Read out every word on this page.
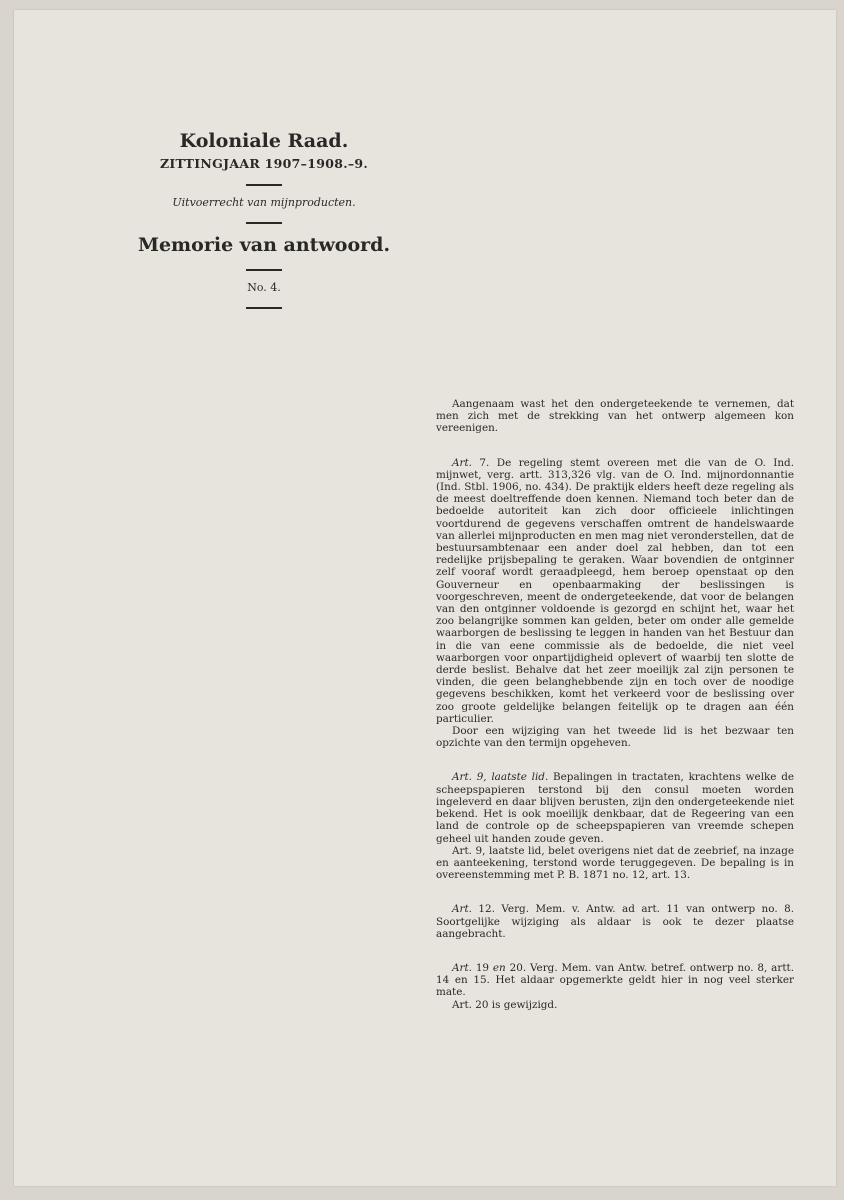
Koloniale Raad.

ZITTINGJAAR 1907–1908.–9.

Uitvoerrecht van mijnproducten.

Memorie van antwoord.

No. 4.

Aangenaam wast het den ondergeteekende te vernemen, dat men zich met de strekking van het ontwerp algemeen kon vereenigen.

Art. 7. De regeling stemt overeen met die van de O. Ind. mijnwet, verg. artt. 313,326 vlg. van de O. Ind. mijnordonnantie (Ind. Stbl. 1906, no. 434). De praktijk elders heeft deze regeling als de meest doeltreffende doen kennen. Niemand toch beter dan de bedoelde autoriteit kan zich door officieele inlichtingen voortdurend de gegevens verschaffen omtrent de handelswaarde van allerlei mijnproducten en men mag niet veronderstellen, dat de bestuursambtenaar een ander doel zal hebben, dan tot een redelijke prijsbepaling te geraken. Waar bovendien de ontginner zelf vooraf wordt geraadpleegd, hem beroep openstaat op den Gouverneur en openbaarmaking der beslissingen is voorgeschreven, meent de ondergeteekende, dat voor de belangen van den ontginner voldoende is gezorgd en schijnt het, waar het zoo belangrijke sommen kan gelden, beter om onder alle gemelde waarborgen de beslissing te leggen in handen van het Bestuur dan in die van eene commissie als de bedoelde, die niet veel waarborgen voor onpartijdigheid oplevert of waarbij ten slotte de derde beslist. Behalve dat het zeer moeilijk zal zijn personen te vinden, die geen belanghebbende zijn en toch over de noodige gegevens beschikken, komt het verkeerd voor de beslissing over zoo groote geldelijke belangen feitelijk op te dragen aan één particulier.

Door een wijziging van het tweede lid is het bezwaar ten opzichte van den termijn opgeheven.

Art. 9, laatste lid. Bepalingen in tractaten, krachtens welke de scheepspapieren terstond bij den consul moeten worden ingeleverd en daar blijven berusten, zijn den ondergeteekende niet bekend. Het is ook moeilijk denkbaar, dat de Regeering van een land de controle op de scheepspapieren van vreemde schepen geheel uit handen zoude geven.

Art. 9, laatste lid, belet overigens niet dat de zeebrief, na inzage en aanteekening, terstond worde teruggegeven. De bepaling is in overeenstemming met P. B. 1871 no. 12, art. 13.

Art. 12. Verg. Mem. v. Antw. ad art. 11 van ontwerp no. 8. Soortgelijke wijziging als aldaar is ook te dezer plaatse aangebracht.

Art. 19 en 20. Verg. Mem. van Antw. betref. ontwerp no. 8, artt. 14 en 15. Het aldaar opgemerkte geldt hier in nog veel sterker mate.

Art. 20 is gewijzigd.
